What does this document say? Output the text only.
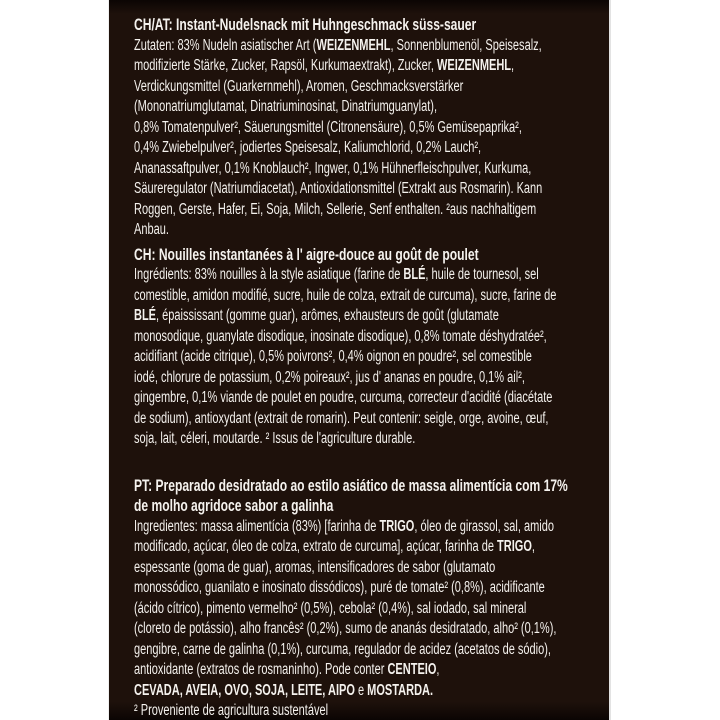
CH/AT: Instant-Nudelsnack mit Huhngeschmack süss-sauer
Zutaten: 83% Nudeln asiatischer Art (WEIZENMEHL, Sonnenblumenöl, Speisesalz,
modifizierte Stärke, Zucker, Rapsöl, Kurkumaextrakt), Zucker, WEIZENMEHL,
Verdickungsmittel (Guarkernmehl), Aromen, Geschmacksverstärker
(Mononatriumglutamat, Dinatriuminosinat, Dinatriumguanylat),
0,8% Tomatenpulver², Säuerungsmittel (Citronensäure), 0,5% Gemüsepaprika²,
0,4% Zwiebelpulver², jodiertes Speisesalz, Kaliumchlorid, 0,2% Lauch²,
Ananassaftpulver, 0,1% Knoblauch², Ingwer, 0,1% Hühnerfleischpulver, Kurkuma,
Säureregulator (Natriumdiacetat), Antioxidationsmittel (Extrakt aus Rosmarin). Kann
Roggen, Gerste, Hafer, Ei, Soja, Milch, Sellerie, Senf enthalten. ²aus nachhaltigem
Anbau.
CH: Nouilles instantanées à l' aigre-douce au goût de poulet
Ingrédients: 83% nouilles à la style asiatique (farine de BLÉ, huile de tournesol, sel
comestible, amidon modifié, sucre, huile de colza, extrait de curcuma), sucre, farine de
BLÉ, épaississant (gomme guar), arômes, exhausteurs de goût (glutamate
monosodique, guanylate disodique, inosinate disodique), 0,8% tomate déshydratée²,
acidifiant (acide citrique), 0,5% poivrons², 0,4% oignon en poudre², sel comestible
iodé, chlorure de potassium, 0,2% poireaux², jus d' ananas en poudre, 0,1% ail²,
gingembre, 0,1% viande de poulet en poudre, curcuma, correcteur d'acidité (diacétate
de sodium), antioxydant (extrait de romarin). Peut contenir: seigle, orge, avoine, œuf,
soja, lait, céleri, moutarde. ² Issus de l'agriculture durable.
PT: Preparado desidratado ao estilo asiático de massa alimentícia com 17%
de molho agridoce sabor a galinha
Ingredientes: massa alimentícia (83%) [farinha de TRIGO, óleo de girassol, sal, amido
modificado, açúcar, óleo de colza, extrato de curcuma], açúcar, farinha de TRIGO,
espessante (goma de guar), aromas, intensificadores de sabor (glutamato
monossódico, guanilato e inosinato dissódicos), puré de tomate² (0,8%), acidificante
(ácido cítrico), pimento vermelho² (0,5%), cebola² (0,4%), sal iodado, sal mineral
(cloreto de potássio), alho francês² (0,2%), sumo de ananás desidratado, alho² (0,1%),
gengibre, carne de galinha (0,1%), curcuma, regulador de acidez (acetatos de sódio),
antioxidante (extratos de rosmaninho). Pode conter CENTEIO,
CEVADA, AVEIA, OVO, SOJA, LEITE, AIPO e MOSTARDA.
² Proveniente de agricultura sustentável
